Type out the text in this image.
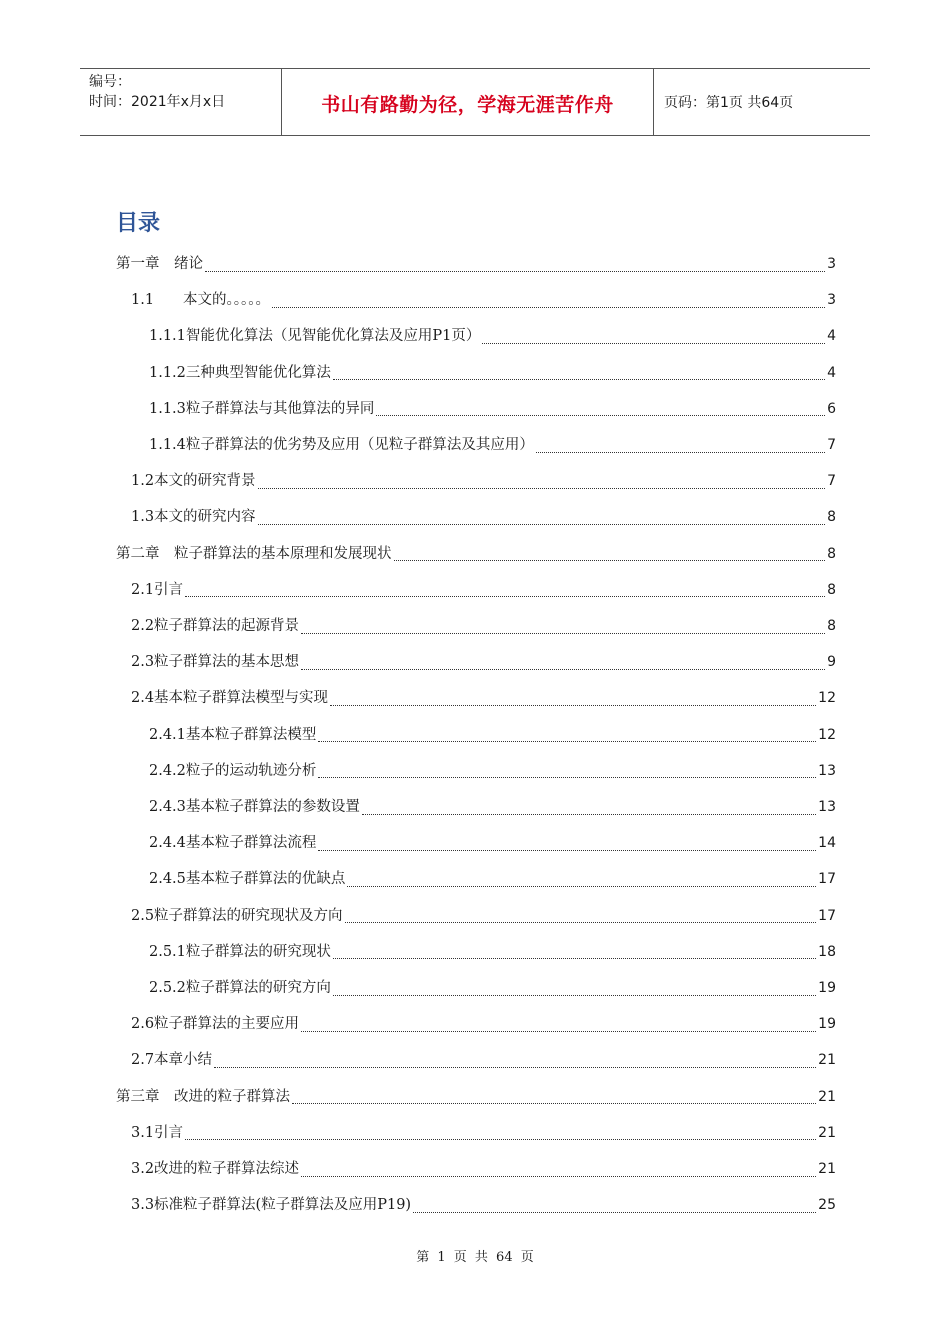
编号：
时间：2021年x月x日	书山有路勤为径，学海无涯苦作舟	页码：第1页 共64页
目录
第一章　绪论	3
1.1　　本文的。。。。。	3
1.1.1智能优化算法（见智能优化算法及应用P1页）	4
1.1.2三种典型智能优化算法	4
1.1.3粒子群算法与其他算法的异同	6
1.1.4粒子群算法的优劣势及应用（见粒子群算法及其应用）	7
1.2本文的研究背景	7
1.3本文的研究内容	8
第二章　粒子群算法的基本原理和发展现状	8
2.1引言	8
2.2粒子群算法的起源背景	8
2.3粒子群算法的基本思想	9
2.4基本粒子群算法模型与实现	12
2.4.1基本粒子群算法模型	12
2.4.2粒子的运动轨迹分析	13
2.4.3基本粒子群算法的参数设置	13
2.4.4基本粒子群算法流程	14
2.4.5基本粒子群算法的优缺点	17
2.5粒子群算法的研究现状及方向	17
2.5.1粒子群算法的研究现状	18
2.5.2粒子群算法的研究方向	19
2.6粒子群算法的主要应用	19
2.7本章小结	21
第三章　改进的粒子群算法	21
3.1引言	21
3.2改进的粒子群算法综述	21
3.3标准粒子群算法(粒子群算法及应用P19)	25
第 1 页 共 64 页
